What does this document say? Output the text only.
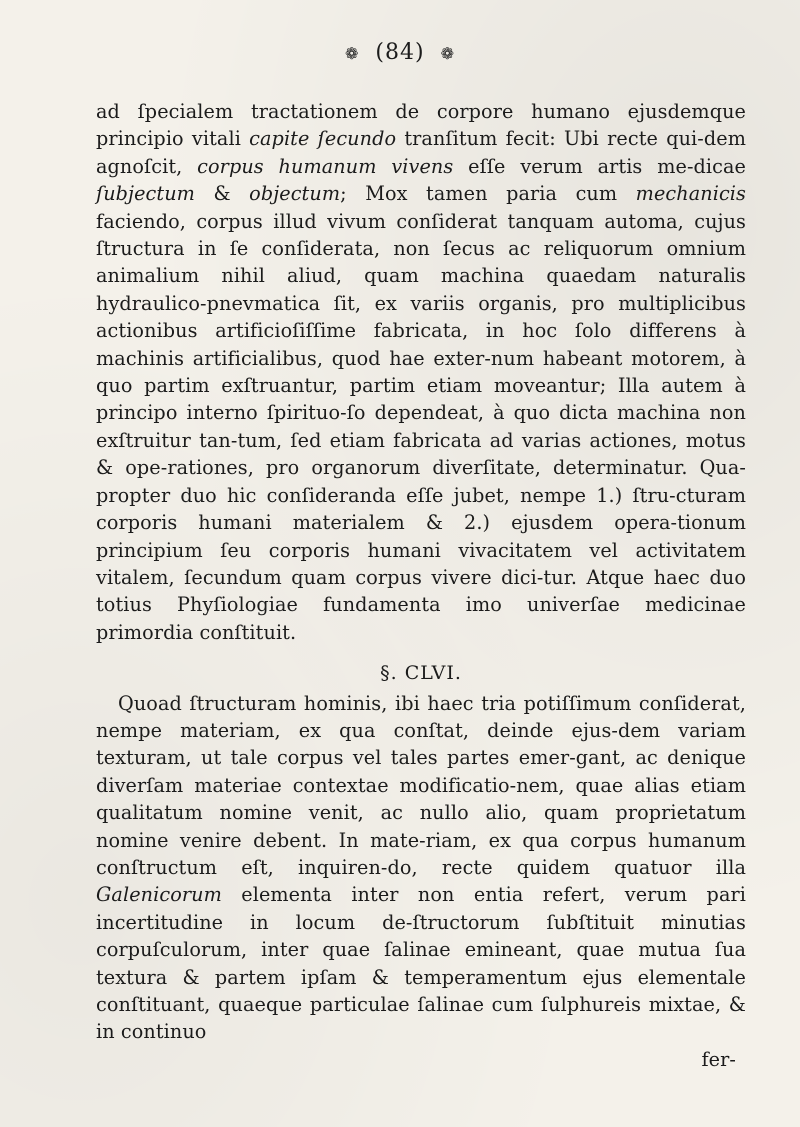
❁ (84) ❁

ad ſpecialem tractationem de corpore humano ejusdemque principio vitali capite ſecundo tranſitum fecit: Ubi recte qui-dem agnoſcit, corpus humanum vivens eſſe verum artis me-dicae ſubjectum & objectum; Mox tamen paria cum mechanicis faciendo, corpus illud vivum conſiderat tanquam automa, cujus ſtructura in ſe conſiderata, non ſecus ac reliquorum omnium animalium nihil aliud, quam machina quaedam naturalis hydraulico-pnevmatica ſit, ex variis organis, pro multiplicibus actionibus artificioſiſſime fabricata, in hoc ſolo differens à machinis artificialibus, quod hae exter-num habeant motorem, à quo partim exſtruantur, partim etiam moveantur; Illa autem à principo interno ſpirituo-ſo dependeat, à quo dicta machina non exſtruitur tan-tum, ſed etiam fabricata ad varias actiones, motus & ope-rationes, pro organorum diverſitate, determinatur. Qua-propter duo hic conſideranda eſſe jubet, nempe 1.) ſtru-cturam corporis humani materialem & 2.) ejusdem opera-tionum principium ſeu corporis humani vivacitatem vel activitatem vitalem, ſecundum quam corpus vivere dici-tur. Atque haec duo totius Phyſiologiae fundamenta imo univerſae medicinae primordia conſtituit.

§. CLVI.

Quoad ſtructuram hominis, ibi haec tria potiſſimum conſiderat, nempe materiam, ex qua conſtat, deinde ejus-dem variam texturam, ut tale corpus vel tales partes emer-gant, ac denique diverſam materiae contextae modificatio-nem, quae alias etiam qualitatum nomine venit, ac nullo alio, quam proprietatum nomine venire debent. In mate-riam, ex qua corpus humanum conſtructum eſt, inquiren-do, recte quidem quatuor illa Galenicorum elementa inter non entia refert, verum pari incertitudine in locum de-ſtructorum ſubſtituit minutias corpuſculorum, inter quae ſalinae emineant, quae mutua ſua textura & partem ipſam & temperamentum ejus elementale conſtituant, quaeque particulae ſalinae cum ſulphureis mixtae, & in continuo

fer-
